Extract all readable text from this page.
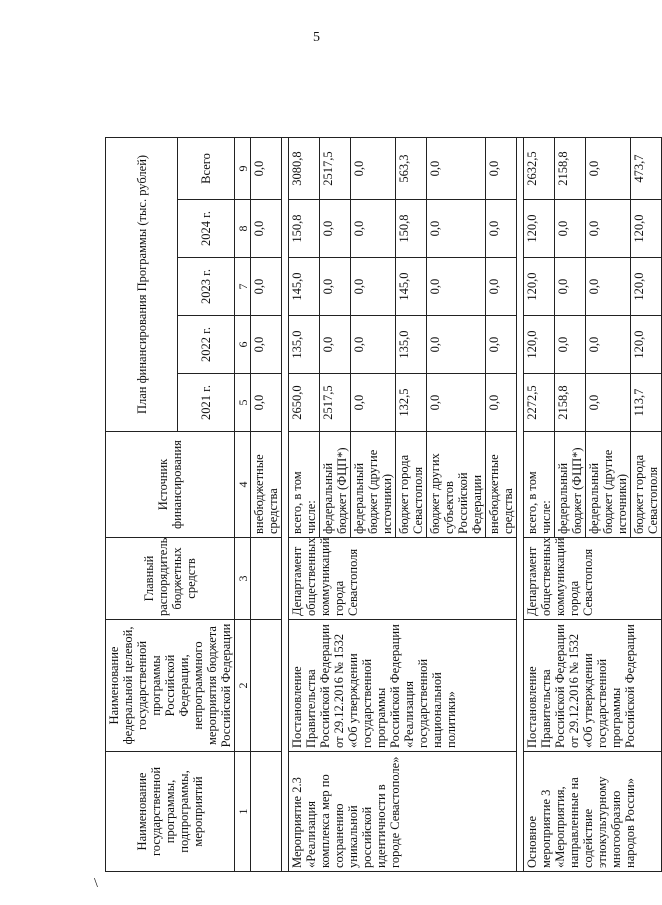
5
Наименование государственной программы, подпрограммы, мероприятий	Наименование федеральной целевой, государственной программы Российской Федерации, непрограммного мероприятия бюджета Российской Федерации	Главный распорядитель бюджетных средств	Источник финансирования	План финансирования Программы (тыс. рублей)					
				2021 г.	2022 г.	2023 г.	2024 г.	Всего	
1	2	3	4	5	6	7	8	9	
			внебюджетные средства	0,0	0,0	0,0	0,0	0,0	

Мероприятие 2.3 «Реализация комплекса мер по сохранению уникальной российской идентичности в городе Севастополе»	Постановление Правительства Российской Федерации от 29.12.2016 № 1532 «Об утверждении государственной программы Российской Федерации «Реализация государственной национальной политики»	Департамент общественных коммуникаций города Севастополя	всего, в том числе:	2650,0	135,0	145,0	150,8	3080,8	
			федеральный бюджет (ФЦП*)	2517,5	0,0	0,0	0,0	2517,5	
			федеральный бюджет (другие источники)	0,0	0,0	0,0	0,0	0,0	
			бюджет города Севастополя	132,5	135,0	145,0	150,8	563,3	
			бюджет других субъектов Российской Федерации	0,0	0,0	0,0	0,0	0,0	
			внебюджетные средства	0,0	0,0	0,0	0,0	0,0	

Основное мероприятие 3 «Мероприятия, направленные на содействие этнокультурному многообразию народов России»	Постановление Правительства Российской Федерации от 29.12.2016 № 1532 «Об утверждении государственной программы Российской Федерации	Департамент общественных коммуникаций города Севастополя	всего, в том числе:	2272,5	120,0	120,0	120,0	2632,5	
			федеральный бюджет (ФЦП*)	2158,8	0,0	0,0	0,0	2158,8	
			федеральный бюджет (другие источники)	0,0	0,0	0,0	0,0	0,0	
			бюджет города Севастополя	113,7	120,0	120,0	120,0	473,7	
\
